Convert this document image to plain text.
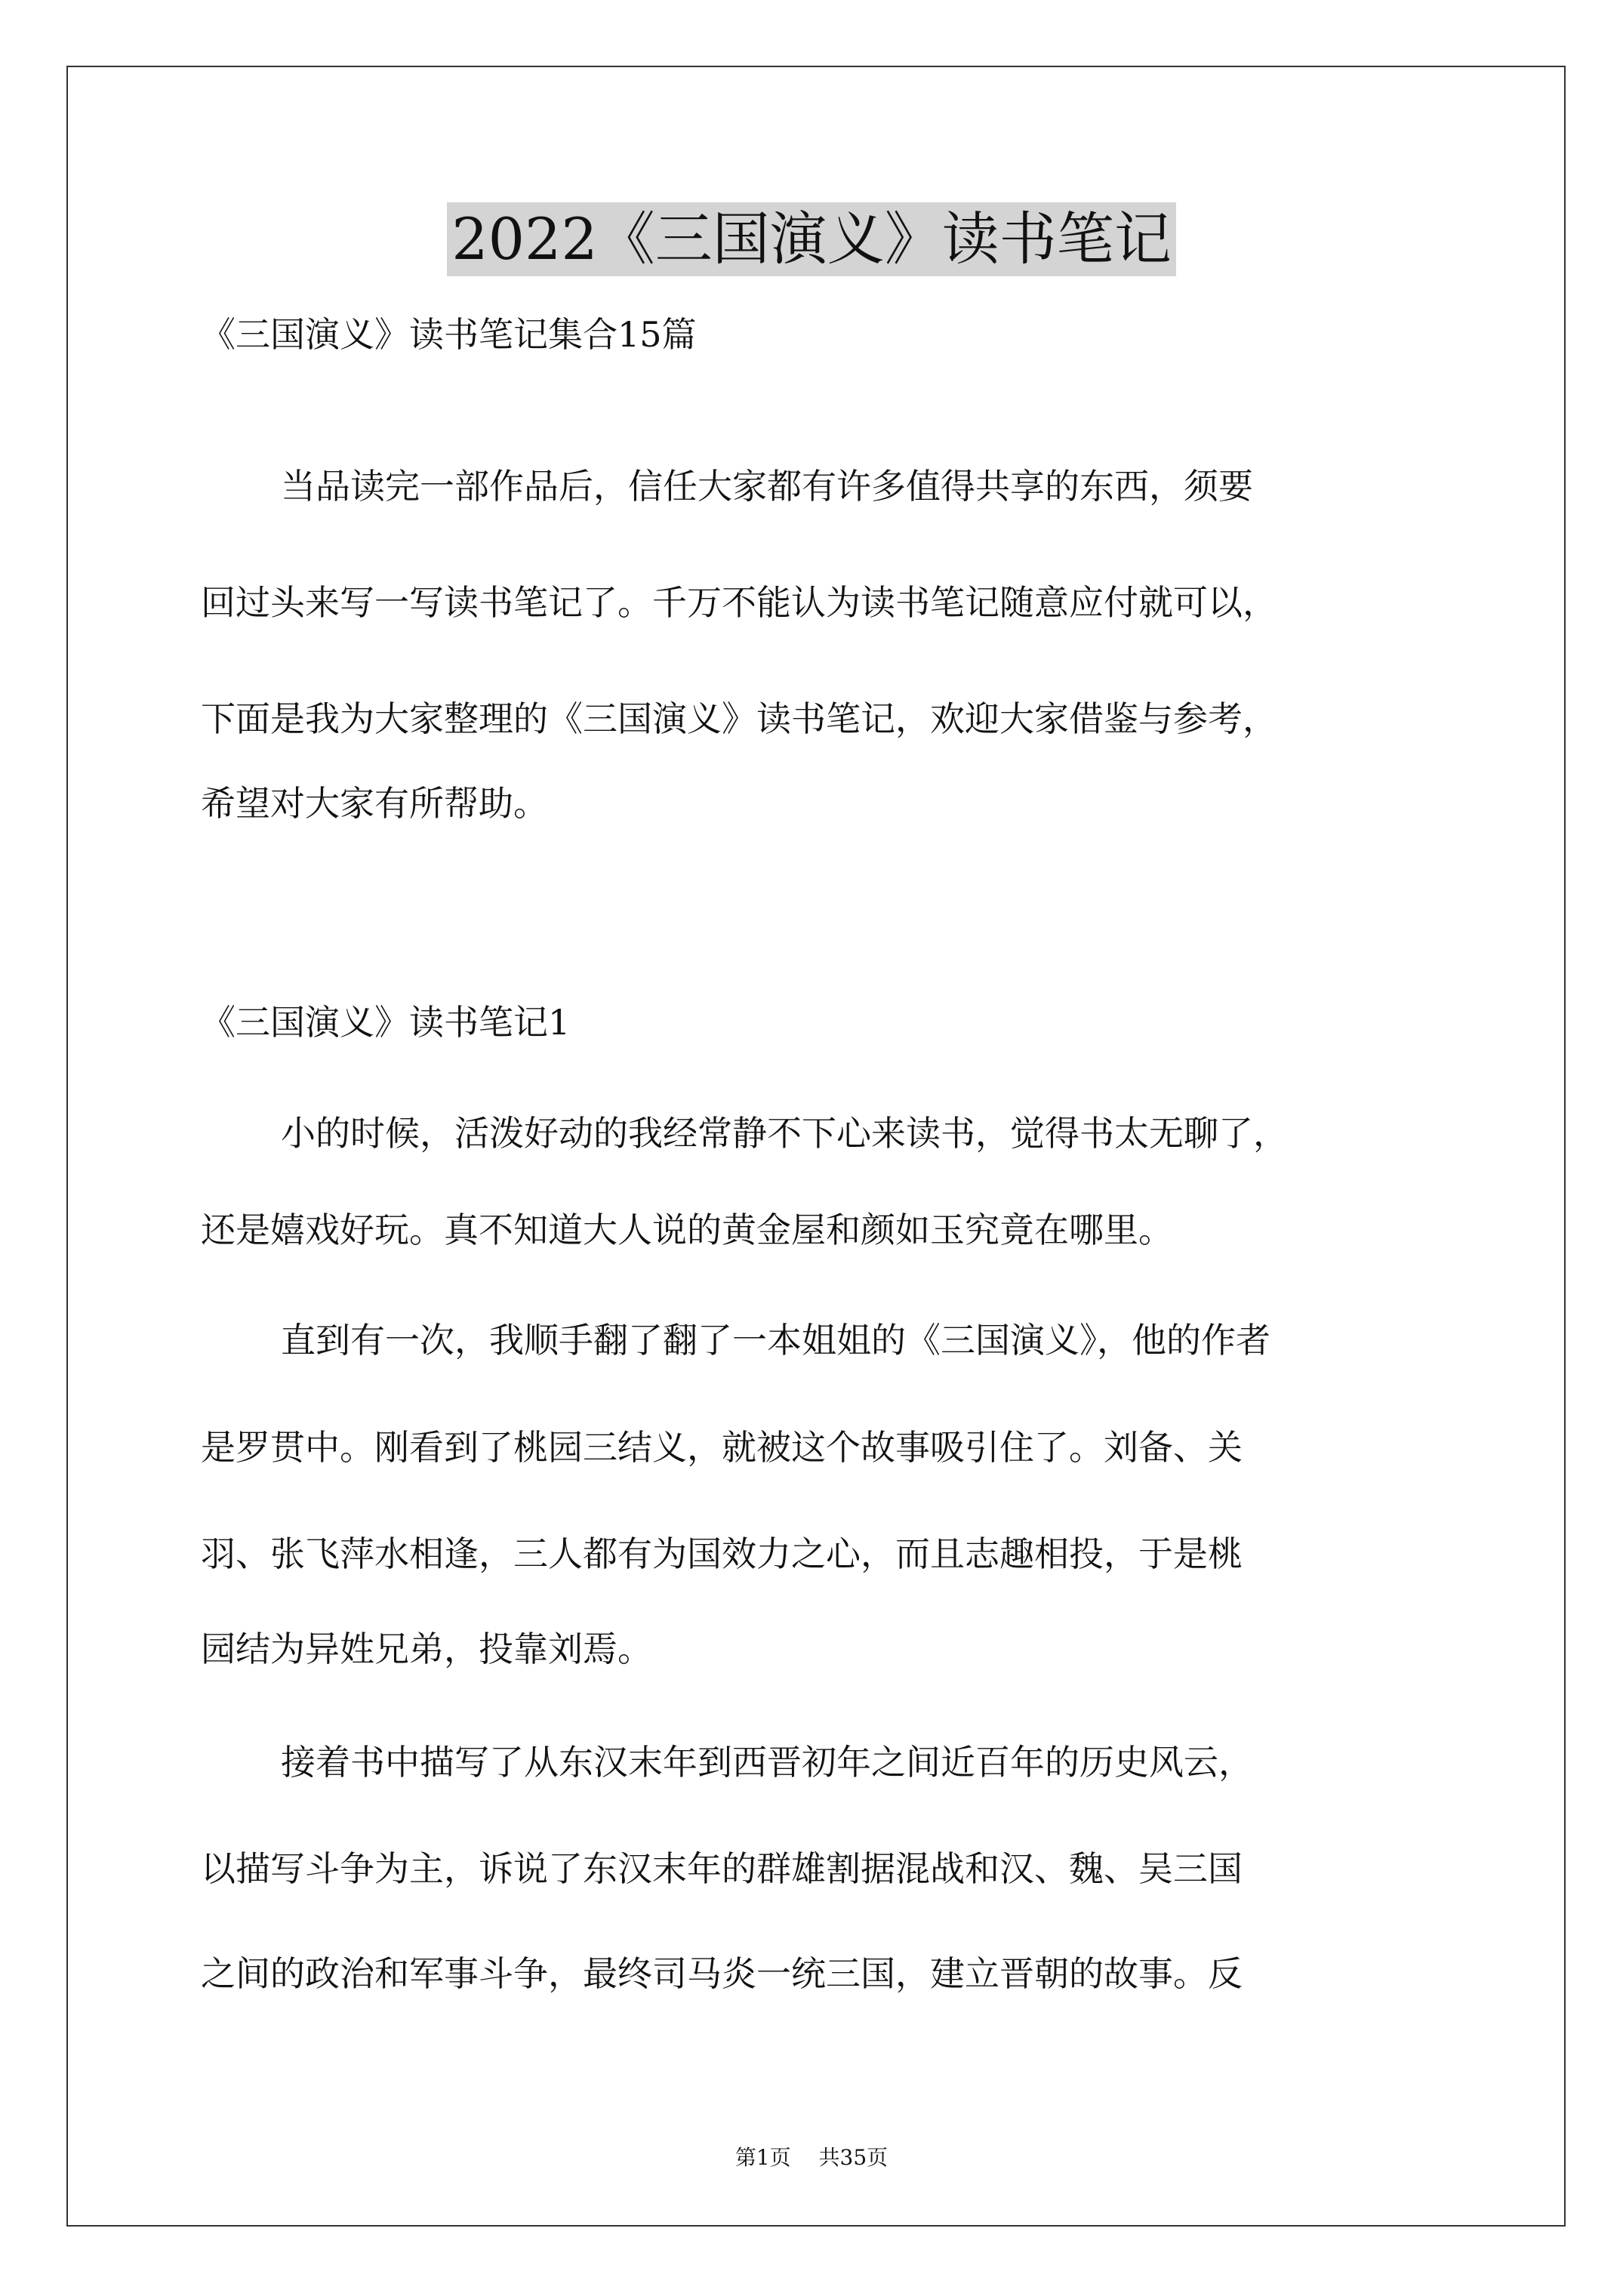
2022《三国演义》读书笔记
《三国演义》读书笔记集合15篇
当品读完一部作品后，信任大家都有许多值得共享的东西，须要
回过头来写一写读书笔记了。千万不能认为读书笔记随意应付就可以，
下面是我为大家整理的《三国演义》读书笔记，欢迎大家借鉴与参考，
希望对大家有所帮助。
《三国演义》读书笔记1
小的时候，活泼好动的我经常静不下心来读书，觉得书太无聊了，
还是嬉戏好玩。真不知道大人说的黄金屋和颜如玉究竟在哪里。
直到有一次，我顺手翻了翻了一本姐姐的《三国演义》，他的作者
是罗贯中。刚看到了桃园三结义，就被这个故事吸引住了。刘备、关
羽、张飞萍水相逢，三人都有为国效力之心，而且志趣相投，于是桃
园结为异姓兄弟，投靠刘焉。
接着书中描写了从东汉末年到西晋初年之间近百年的历史风云，
以描写斗争为主，诉说了东汉末年的群雄割据混战和汉、魏、吴三国
之间的政治和军事斗争，最终司马炎一统三国，建立晋朝的故事。反
第1页 共35页
